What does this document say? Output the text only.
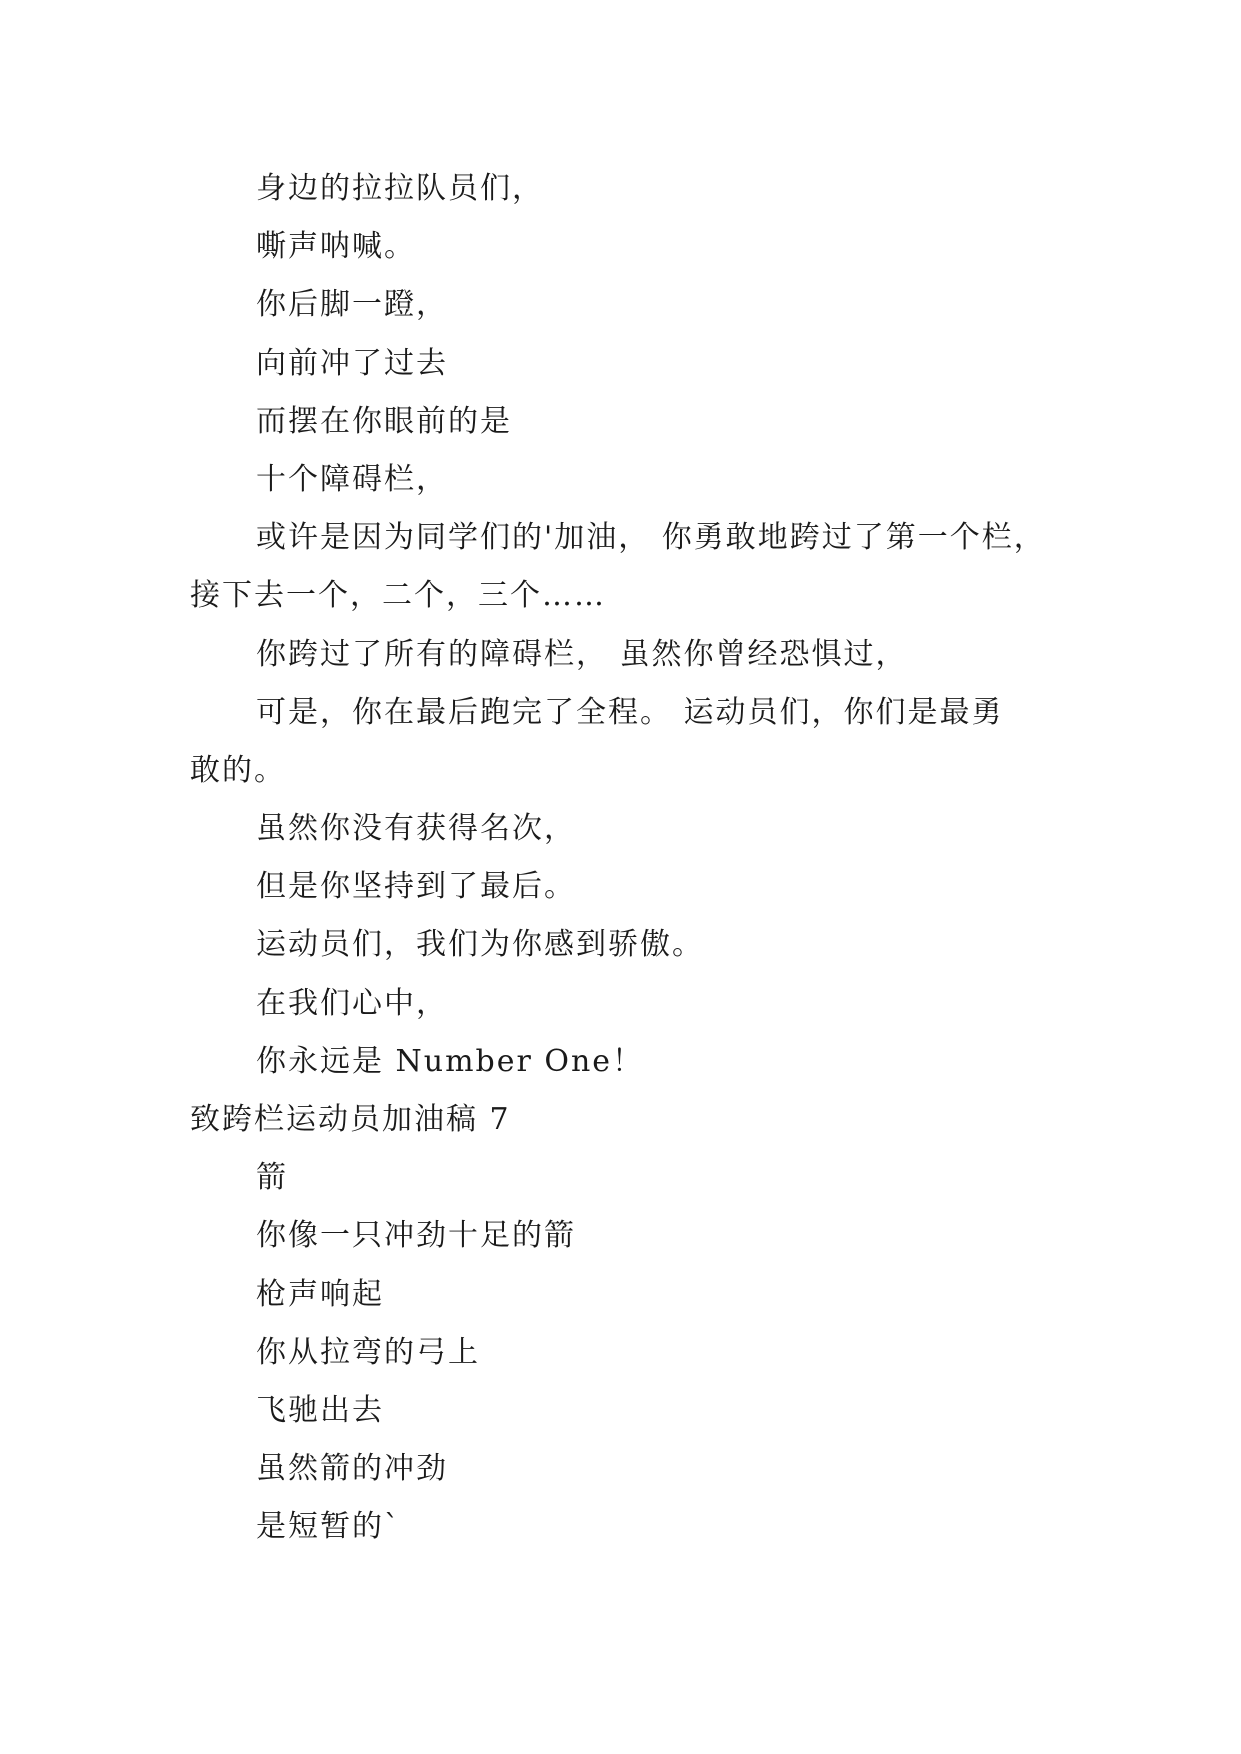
身边的拉拉队员们，
嘶声呐喊。
你后脚一蹬，
向前冲了过去
而摆在你眼前的是
十个障碍栏，
或许是因为同学们的'加油， 你勇敢地跨过了第一个栏，
接下去一个，二个，三个……
你跨过了所有的障碍栏， 虽然你曾经恐惧过，
可是，你在最后跑完了全程。 运动员们，你们是最勇
敢的。
虽然你没有获得名次，
但是你坚持到了最后。
运动员们，我们为你感到骄傲。
在我们心中，
你永远是 Number One！
致跨栏运动员加油稿 7
箭
你像一只冲劲十足的箭
枪声响起
你从拉弯的弓上
飞驰出去
虽然箭的冲劲
是短暂的`
